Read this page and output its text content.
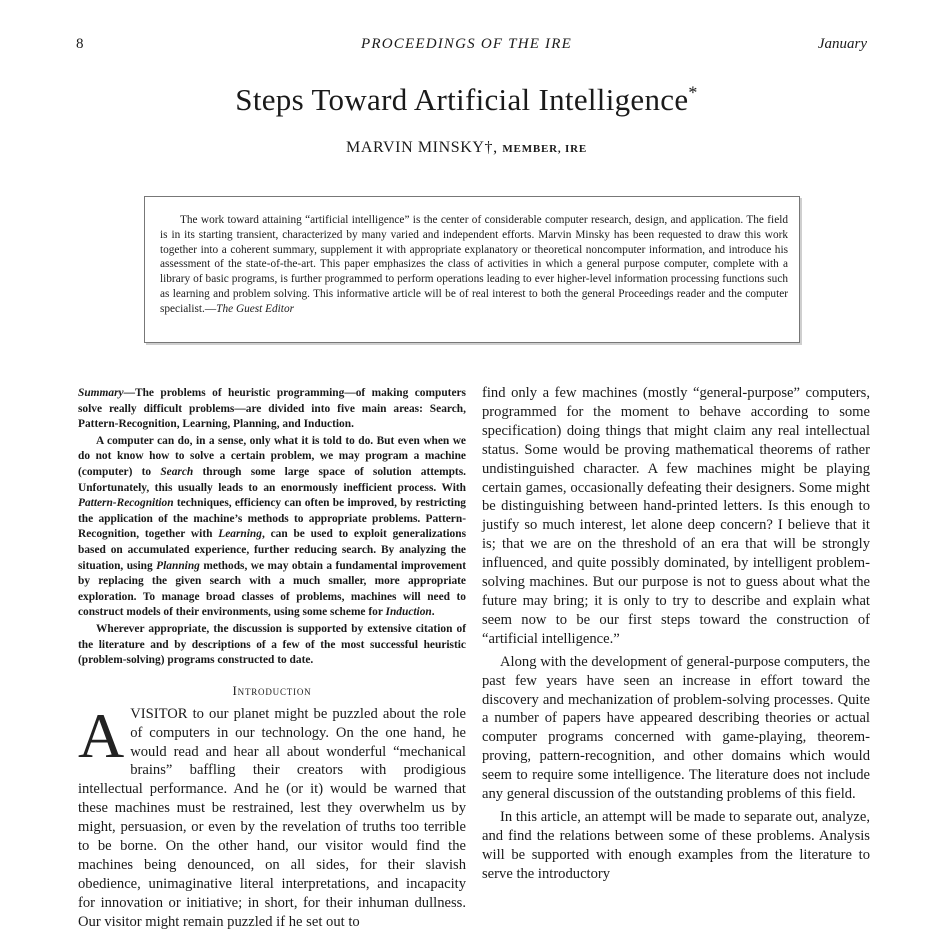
8	PROCEEDINGS OF THE IRE	January
Steps Toward Artificial Intelligence*
MARVIN MINSKY†, MEMBER, IRE

The work toward attaining “artificial intelligence” is the center of considerable computer research, design, and application. The field is in its starting transient, characterized by many varied and independent efforts. Marvin Minsky has been requested to draw this work together into a coherent summary, supplement it with appropriate explanatory or theoretical noncomputer information, and introduce his assessment of the state-of-the-art. This paper emphasizes the class of activities in which a general purpose computer, complete with a library of basic programs, is further programmed to perform operations leading to ever higher-level information processing functions such as learning and problem solving. This informative article will be of real interest to both the general Proceedings reader and the computer specialist.—The Guest Editor

Summary—The problems of heuristic programming—of making computers solve really difficult problems—are divided into five main areas: Search, Pattern-Recognition, Learning, Planning, and Induction.

A computer can do, in a sense, only what it is told to do. But even when we do not know how to solve a certain problem, we may program a machine (computer) to Search through some large space of solution attempts. Unfortunately, this usually leads to an enormously inefficient process. With Pattern-Recognition techniques, efficiency can often be improved, by restricting the application of the machine’s methods to appropriate problems. Pattern-Recognition, together with Learning, can be used to exploit generalizations based on accumulated experience, further reducing search. By analyzing the situation, using Planning methods, we may obtain a fundamental improvement by replacing the given search with a much smaller, more appropriate exploration. To manage broad classes of problems, machines will need to construct models of their environments, using some scheme for Induction.

Wherever appropriate, the discussion is supported by extensive citation of the literature and by descriptions of a few of the most successful heuristic (problem-solving) programs constructed to date.

Introduction

AVISITOR to our planet might be puzzled about the role of computers in our technology. On the one hand, he would read and hear all about wonderful “mechanical brains” baffling their creators with prodigious intellectual performance. And he (or it) would be warned that these machines must be restrained, lest they overwhelm us by might, persuasion, or even by the revelation of truths too terrible to be borne. On the other hand, our visitor would find the machines being denounced, on all sides, for their slavish obedience, unimaginative literal interpretations, and incapacity for innovation or initiative; in short, for their inhuman dullness. Our visitor might remain puzzled if he set out to

find only a few machines (mostly “general-purpose” computers, programmed for the moment to behave according to some specification) doing things that might claim any real intellectual status. Some would be proving mathematical theorems of rather undistinguished character. A few machines might be playing certain games, occasionally defeating their designers. Some might be distinguishing between hand-printed letters. Is this enough to justify so much interest, let alone deep concern? I believe that it is; that we are on the threshold of an era that will be strongly influenced, and quite possibly dominated, by intelligent problem-solving machines. But our purpose is not to guess about what the future may bring; it is only to try to describe and explain what seem now to be our first steps toward the construction of “artificial intelligence.”

Along with the development of general-purpose computers, the past few years have seen an increase in effort toward the discovery and mechanization of problem-solving processes. Quite a number of papers have appeared describing theories or actual computer programs concerned with game-playing, theorem-proving, pattern-recognition, and other domains which would seem to require some intelligence. The literature does not include any general discussion of the outstanding problems of this field.

In this article, an attempt will be made to separate out, analyze, and find the relations between some of these problems. Analysis will be supported with enough examples from the literature to serve the introductory
